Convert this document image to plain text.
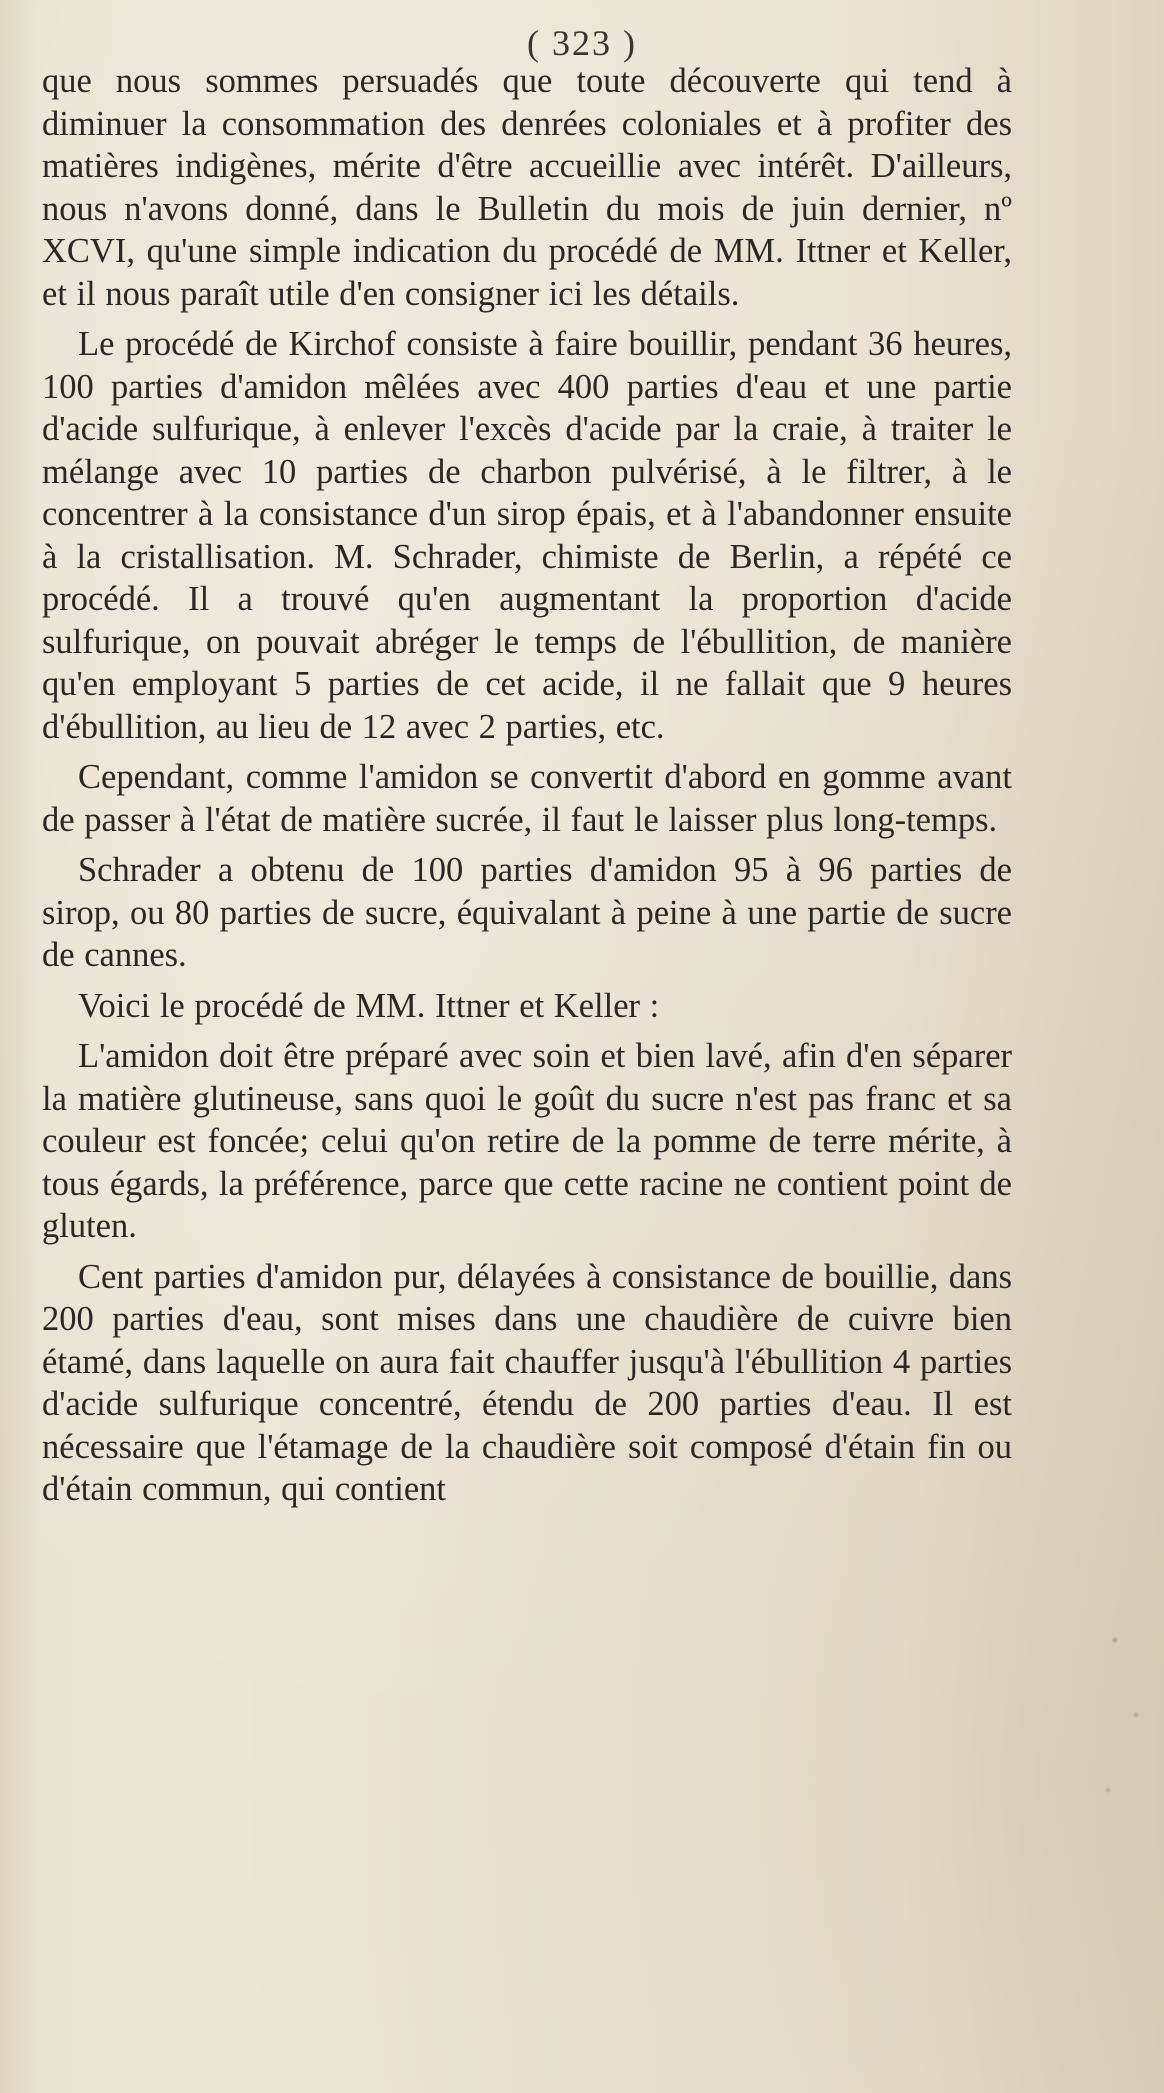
( 323 )

que nous sommes persuadés que toute découverte qui tend à diminuer la consommation des denrées coloniales et à profiter des matières indigènes, mérite d'être accueillie avec intérêt. D'ailleurs, nous n'avons donné, dans le Bulletin du mois de juin dernier, nº XCVI, qu'une simple indication du procédé de MM. Ittner et Keller, et il nous paraît utile d'en consigner ici les détails.

Le procédé de Kirchof consiste à faire bouillir, pendant 36 heures, 100 parties d'amidon mêlées avec 400 parties d'eau et une partie d'acide sulfurique, à enlever l'excès d'acide par la craie, à traiter le mélange avec 10 parties de charbon pulvérisé, à le filtrer, à le concentrer à la consistance d'un sirop épais, et à l'abandonner ensuite à la cristallisation. M. Schrader, chimiste de Berlin, a répété ce procédé. Il a trouvé qu'en augmentant la proportion d'acide sulfurique, on pouvait abréger le temps de l'ébullition, de manière qu'en employant 5 parties de cet acide, il ne fallait que 9 heures d'ébullition, au lieu de 12 avec 2 parties, etc.

Cependant, comme l'amidon se convertit d'abord en gomme avant de passer à l'état de matière sucrée, il faut le laisser plus long-temps.

Schrader a obtenu de 100 parties d'amidon 95 à 96 parties de sirop, ou 80 parties de sucre, équivalant à peine à une partie de sucre de cannes.

Voici le procédé de MM. Ittner et Keller :

L'amidon doit être préparé avec soin et bien lavé, afin d'en séparer la matière glutineuse, sans quoi le goût du sucre n'est pas franc et sa couleur est foncée; celui qu'on retire de la pomme de terre mérite, à tous égards, la préférence, parce que cette racine ne contient point de gluten.

Cent parties d'amidon pur, délayées à consistance de bouillie, dans 200 parties d'eau, sont mises dans une chaudière de cuivre bien étamé, dans laquelle on aura fait chauffer jusqu'à l'ébullition 4 parties d'acide sulfurique concentré, étendu de 200 parties d'eau. Il est nécessaire que l'étamage de la chaudière soit composé d'étain fin ou d'étain commun, qui contient
